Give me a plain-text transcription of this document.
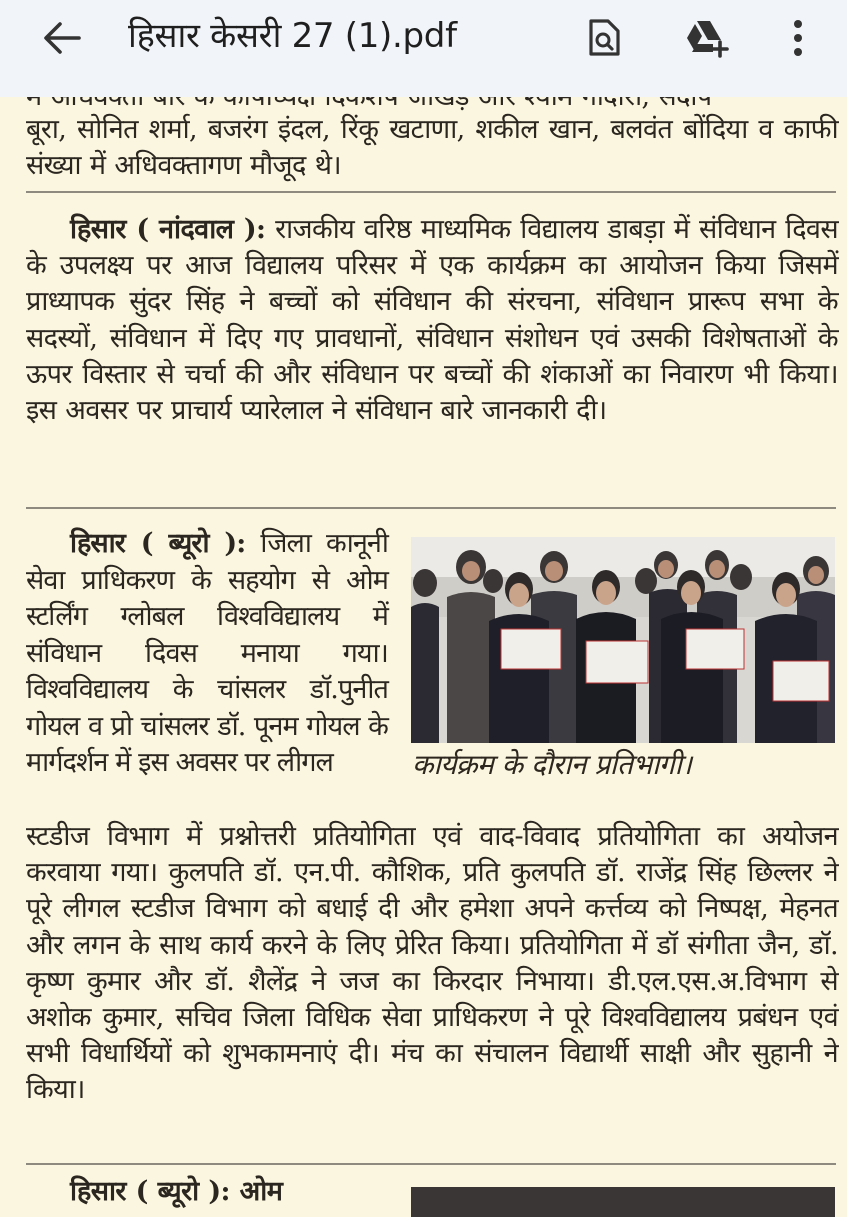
हिसार केसरी 27 (1).pdf
बूरा, सोनित शर्मा, बजरंग इंदल, रिंकू खटाणा, शकील खान, बलवंत बोंदिया व काफी संख्या में अधिवक्तागण मौजूद थे।
हिसार ( नांदवाल ): राजकीय वरिष्ठ माध्यमिक विद्यालय डाबड़ा में संविधान दिवस के उपलक्ष्य पर आज विद्यालय परिसर में एक कार्यक्रम का आयोजन किया जिसमें प्राध्यापक सुंदर सिंह ने बच्चों को संविधान की संरचना, संविधान प्रारूप सभा के सदस्यों, संविधान में दिए गए प्रावधानों, संविधान संशोधन एवं उसकी विशेषताओं के ऊपर विस्तार से चर्चा की और संविधान पर बच्चों की शंकाओं का निवारण भी किया। इस अवसर पर प्राचार्य प्यारेलाल ने संविधान बारे जानकारी दी।
हिसार ( ब्यूरो ): जिला कानूनी सेवा प्राधिकरण के सहयोग से ओम स्टर्लिंग ग्लोबल विश्वविद्यालय में संविधान दिवस मनाया गया। विश्वविद्यालय के चांसलर डॉ.पुनीत गोयल व प्रो चांसलर डॉ. पूनम गोयल के मार्गदर्शन में इस अवसर पर लीगल	कार्यक्रम के दौरान प्रतिभागी।
स्टडीज विभाग में प्रश्नोत्तरी प्रतियोगिता एवं वाद-विवाद प्रतियोगिता का अयोजन करवाया गया। कुलपति डॉ. एन.पी. कौशिक, प्रति कुलपति डॉ. राजेंद्र सिंह छिल्लर ने पूरे लीगल स्टडीज विभाग को बधाई दी और हमेशा अपने कर्त्तव्य को निष्पक्ष, मेहनत और लगन के साथ कार्य करने के लिए प्रेरित किया। प्रतियोगिता में डॉ संगीता जैन, डॉ. कृष्ण कुमार और डॉ. शैलेंद्र ने जज का किरदार निभाया। डी.एल.एस.अ.विभाग से अशोक कुमार, सचिव जिला विधिक सेवा प्राधिकरण ने पूरे विश्वविद्यालय प्रबंधन एवं सभी विधार्थियों को शुभकामनाएं दी। मंच का संचालन विद्यार्थी साक्षी और सुहानी ने किया।
हिसार ( ब्यूरो ): ओम
